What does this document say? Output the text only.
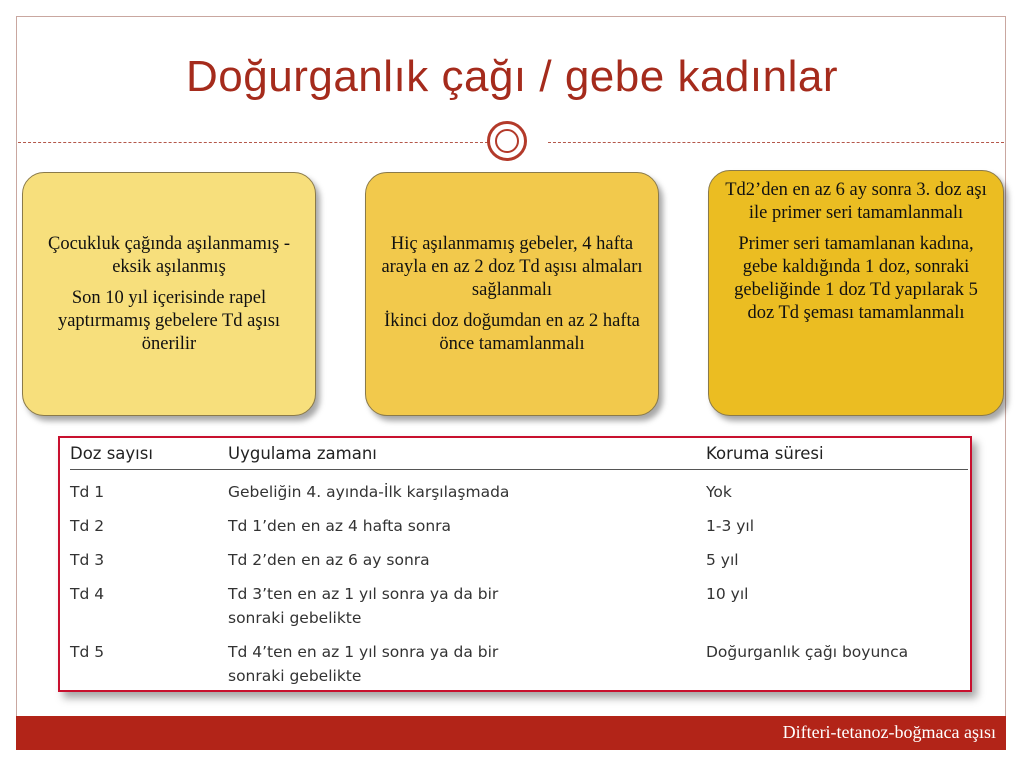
Doğurganlık çağı / gebe kadınlar

Çocukluk çağında aşılanmamış - eksik aşılanmış

Son 10 yıl içerisinde rapel yaptırmamış gebelere Td aşısı önerilir

Hiç aşılanmamış gebeler, 4 hafta arayla en az 2 doz Td aşısı almaları sağlanmalı

İkinci doz doğumdan en az 2 hafta önce tamamlanmalı

Td2’den en az 6 ay sonra 3. doz aşı ile primer seri tamamlanmalı

Primer seri tamamlanan kadına, gebe kaldığında 1 doz, sonraki gebeliğinde 1 doz Td yapılarak 5 doz Td şeması tamamlanmalı

Doz sayısı	Uygulama zamanı	Koruma süresi
Td 1	Gebeliğin 4. ayında-İlk karşılaşmada	Yok
Td 2	Td 1’den en az 4 hafta sonra	1-3 yıl
Td 3	Td 2’den en az 6 ay sonra	5 yıl
Td 4	Td 3’ten en az 1 yıl sonra ya da bir sonraki gebelikte	10 yıl
Td 5	Td 4’ten en az 1 yıl sonra ya da bir sonraki gebelikte	Doğurganlık çağı boyunca
Difteri-tetanoz-boğmaca aşısı
